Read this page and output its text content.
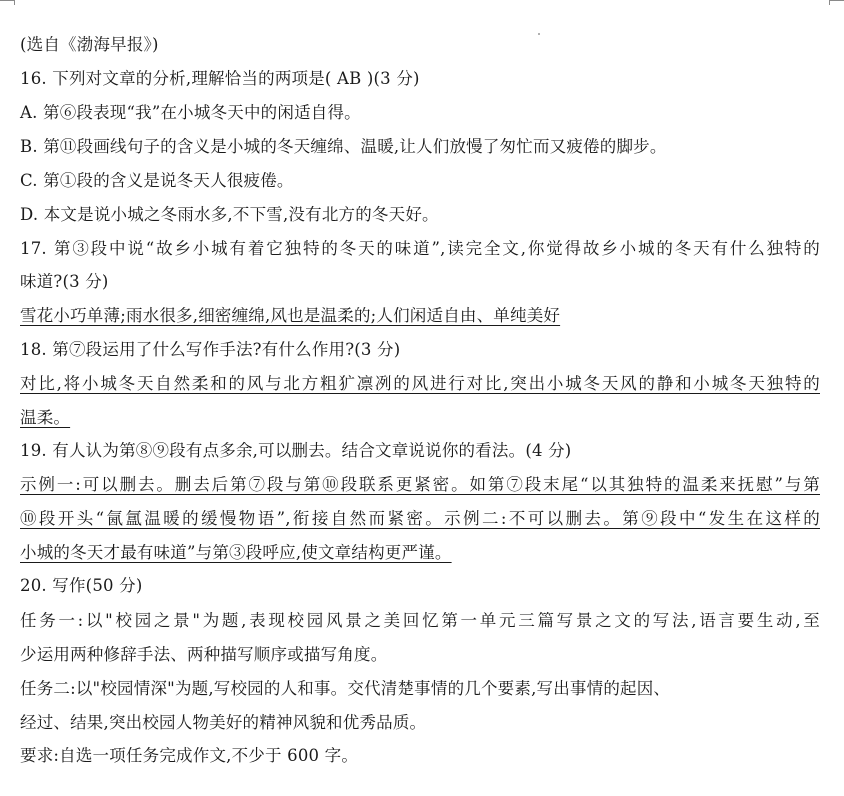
(选自《渤海早报》)
16. 下列对文章的分析,理解恰当的两项是( AB )(3 分)
A. 第⑥段表现“我”在小城冬天中的闲适自得。
B. 第⑪段画线句子的含义是小城的冬天缠绵、温暖,让人们放慢了匆忙而又疲倦的脚步。
C. 第①段的含义是说冬天人很疲倦。
D. 本文是说小城之冬雨水多,不下雪,没有北方的冬天好。
17. 第③段中说“故乡小城有着它独特的冬天的味道”,读完全文,你觉得故乡小城的冬天有什么独特的
味道?(3 分)
雪花小巧单薄;雨水很多,细密缠绵,风也是温柔的;人们闲适自由、单纯美好
18. 第⑦段运用了什么写作手法?有什么作用?(3 分)
对比,将小城冬天自然柔和的风与北方粗犷凛冽的风进行对比,突出小城冬天风的静和小城冬天独特的
温柔。
19. 有人认为第⑧⑨段有点多余,可以删去。结合文章说说你的看法。(4 分)
示例一:可以删去。删去后第⑦段与第⑩段联系更紧密。如第⑦段末尾“以其独特的温柔来抚慰”与第
⑩段开头“氤氲温暖的缓慢物语”,衔接自然而紧密。示例二:不可以删去。第⑨段中“发生在这样的
小城的冬天才最有味道”与第③段呼应,使文章结构更严谨。
20. 写作(50 分)
任务一:以"校园之景"为题,表现校园风景之美回忆第一单元三篇写景之文的写法,语言要生动,至
少运用两种修辞手法、两种描写顺序或描写角度。
任务二:以"校园情深"为题,写校园的人和事。交代清楚事情的几个要素,写出事情的起因、
经过、结果,突出校园人物美好的精神风貌和优秀品质。
要求:自选一项任务完成作文,不少于 600 字。
